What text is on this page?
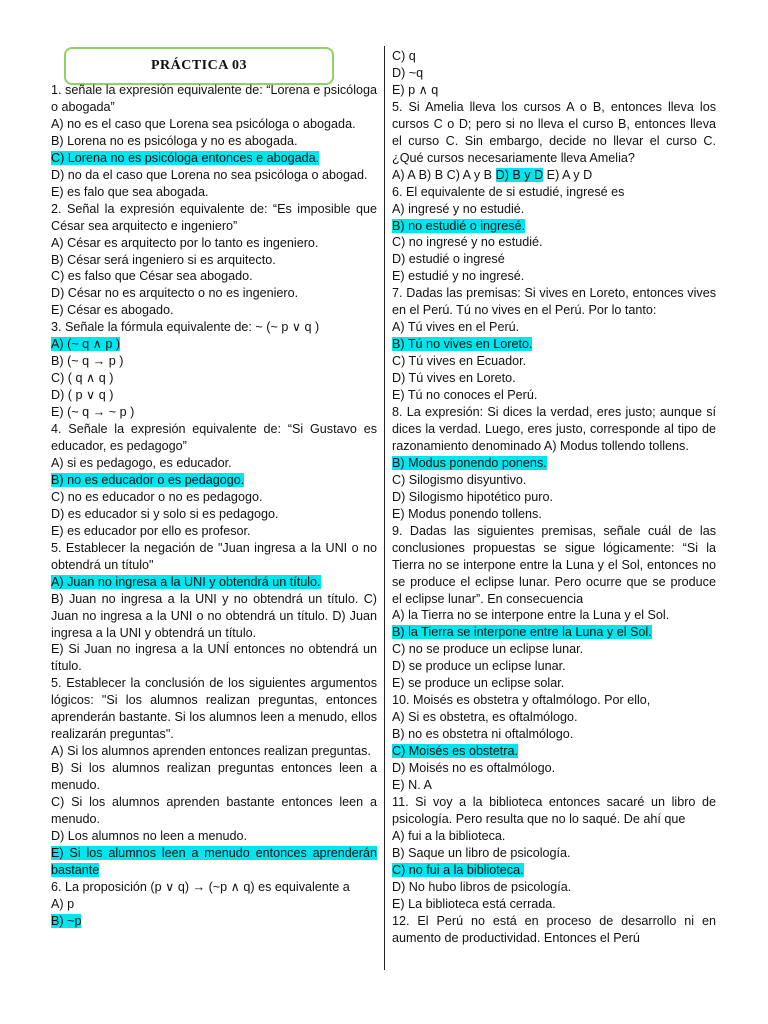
PRÁCTICA 03
1. señale la expresión equivalente de: “Lorena e psicóloga o abogada”
A) no es el caso que Lorena sea psicóloga o abogada.
B) Lorena no es psicóloga y no es abogada.
C) Lorena no es psicóloga entonces e abogada.
D) no da el caso que Lorena no sea psicóloga o abogad.
E) es falo que sea abogada.
2. Señal la expresión equivalente de: “Es imposible que César sea arquitecto e ingeniero”
A) César es arquitecto por lo tanto es ingeniero.
B) César será ingeniero si es arquitecto.
C) es falso que César sea abogado.
D) César no es arquitecto o no es ingeniero.
E) César es abogado.
3. Señale la fórmula equivalente de: ~ (~ p ∨ q )
A) (~ q ∧ p )
B) (~ q → p )
C) ( q ∧ q )
D) ( p ∨ q )
E) (~ q → ~ p )
4. Señale la expresión equivalente de: “Si Gustavo es educador, es pedagogo”
A) si es pedagogo, es educador.
B) no es educador o es pedagogo.
C) no es educador o no es pedagogo.
D) es educador si y solo si es pedagogo.
E) es educador por ello es profesor.
5. Establecer la negación de "Juan ingresa a la UNI o no obtendrá un título"
A) Juan no ingresa a la UNI y obtendrá un título.
B) Juan no ingresa a la UNI y no obtendrá un título. C) Juan no ingresa a la UNI o no obtendrá un título. D) Juan ingresa a la UNI y obtendrá un título.
E) Si Juan no ingresa a la UNÍ entonces no obtendrá un título.
5. Establecer la conclusión de los siguientes argumentos lógicos: "Si los alumnos realizan preguntas, entonces aprenderán bastante. Si los alumnos leen a menudo, ellos realizarán preguntas".
A) Si los alumnos aprenden entonces realizan preguntas.
B) Si los alumnos realizan preguntas entonces leen a menudo.
C) Si los alumnos aprenden bastante entonces leen a menudo.
D) Los alumnos no leen a menudo.
E) Si los alumnos leen a menudo entonces aprenderán bastante
6. La proposición (p ∨ q) → (~p ∧ q) es equivalente a
A) p
B) ~p
C) q
D) ~q
E) p ∧ q
5. Si Amelia lleva los cursos A o B, entonces lleva los cursos C o D; pero si no lleva el curso B, entonces lleva el curso C. Sin embargo, decide no llevar el curso C. ¿Qué cursos necesariamente lleva Amelia?
A) A B) B C) A y B D) B y D E) A y D
6. El equivalente de si estudié, ingresé es
A) ingresé y no estudié.
B) no estudié o ingresé.
C) no ingresé y no estudié.
D) estudié o ingresé
E) estudié y no ingresé.
7. Dadas las premisas: Si vives en Loreto, entonces vives en el Perú. Tú no vives en el Perú. Por lo tanto:
A) Tú vives en el Perú.
B) Tú no vives en Loreto.
C) Tú vives en Ecuador.
D) Tú vives en Loreto.
E) Tú no conoces el Perú.
8. La expresión: Si dices la verdad, eres justo; aunque sí dices la verdad. Luego, eres justo, corresponde al tipo de razonamiento denominado A) Modus tollendo tollens.
B) Modus ponendo ponens.
C) Silogismo disyuntivo.
D) Silogismo hipotético puro.
E) Modus ponendo tollens.
9. Dadas las siguientes premisas, señale cuál de las conclusiones propuestas se sigue lógicamente: “Si la Tierra no se interpone entre la Luna y el Sol, entonces no se produce el eclipse lunar. Pero ocurre que se produce el eclipse lunar”. En consecuencia
A) la Tierra no se interpone entre la Luna y el Sol.
B) la Tierra se interpone entre la Luna y el Sol.
C) no se produce un eclipse lunar.
D) se produce un eclipse lunar.
E) se produce un eclipse solar.
10. Moisés es obstetra y oftalmólogo. Por ello,
A) Si es obstetra, es oftalmólogo.
B) no es obstetra ni oftalmólogo.
C) Moisés es obstetra.
D) Moisés no es oftalmólogo.
E) N. A
11. Si voy a la biblioteca entonces sacaré un libro de psicología. Pero resulta que no lo saqué. De ahí que
A) fui a la biblioteca.
B) Saque un libro de psicología.
C) no fui a la biblioteca.
D) No hubo libros de psicología.
E) La biblioteca está cerrada.
12. El Perú no está en proceso de desarrollo ni en aumento de productividad. Entonces el Perú
